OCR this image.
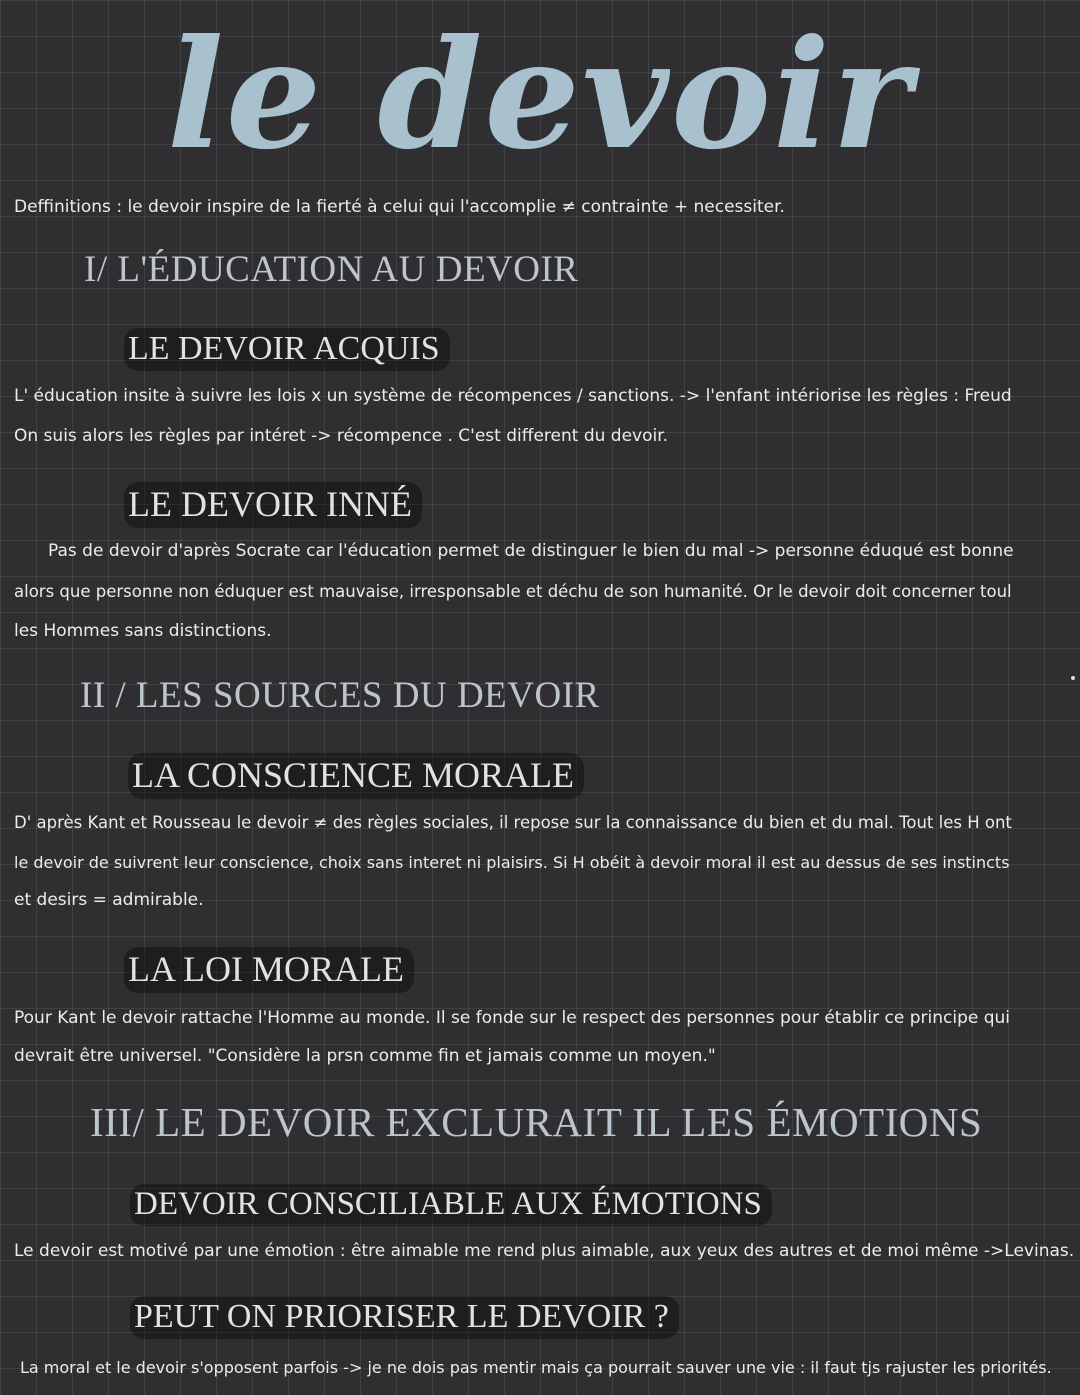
le devoir
Deffinitions : le devoir inspire de la fierté à celui qui l'accomplie ≠ contrainte + necessiter.
I/ L'ÉDUCATION AU DEVOIR
LE DEVOIR ACQUIS
L' éducation insite à suivre les lois x un système de récompences / sanctions. -> l'enfant intériorise les règles : Freud
On suis alors les règles par intéret -> récompence . C'est different du devoir.
LE DEVOIR INNÉ
Pas de devoir d'après Socrate car l'éducation permet de distinguer le bien du mal -> personne éduqué est bonne
alors que personne non éduquer est mauvaise, irresponsable et déchu de son humanité. Or le devoir doit concerner toul
les Hommes sans distinctions.
II / LES SOURCES DU DEVOIR
LA CONSCIENCE MORALE
D' après Kant et Rousseau le devoir ≠ des règles sociales, il repose sur la connaissance du bien et du mal. Tout les H ont
le devoir de suivrent leur conscience, choix sans interet ni plaisirs. Si H obéit à devoir moral il est au dessus de ses instincts
et desirs = admirable.
LA LOI MORALE
Pour Kant le devoir rattache l'Homme au monde. Il se fonde sur le respect des personnes pour établir ce principe qui
devrait être universel. "Considère la prsn comme fin et jamais comme un moyen."
III/ LE DEVOIR EXCLURAIT IL LES ÉMOTIONS
DEVOIR CONSCILIABLE AUX ÉMOTIONS
Le devoir est motivé par une émotion : être aimable me rend plus aimable, aux yeux des autres et de moi même ->Levinas.
PEUT ON PRIORISER LE DEVOIR ?
La moral et le devoir s'opposent parfois -> je ne dois pas mentir mais ça pourrait sauver une vie : il faut tjs rajuster les priorités.
